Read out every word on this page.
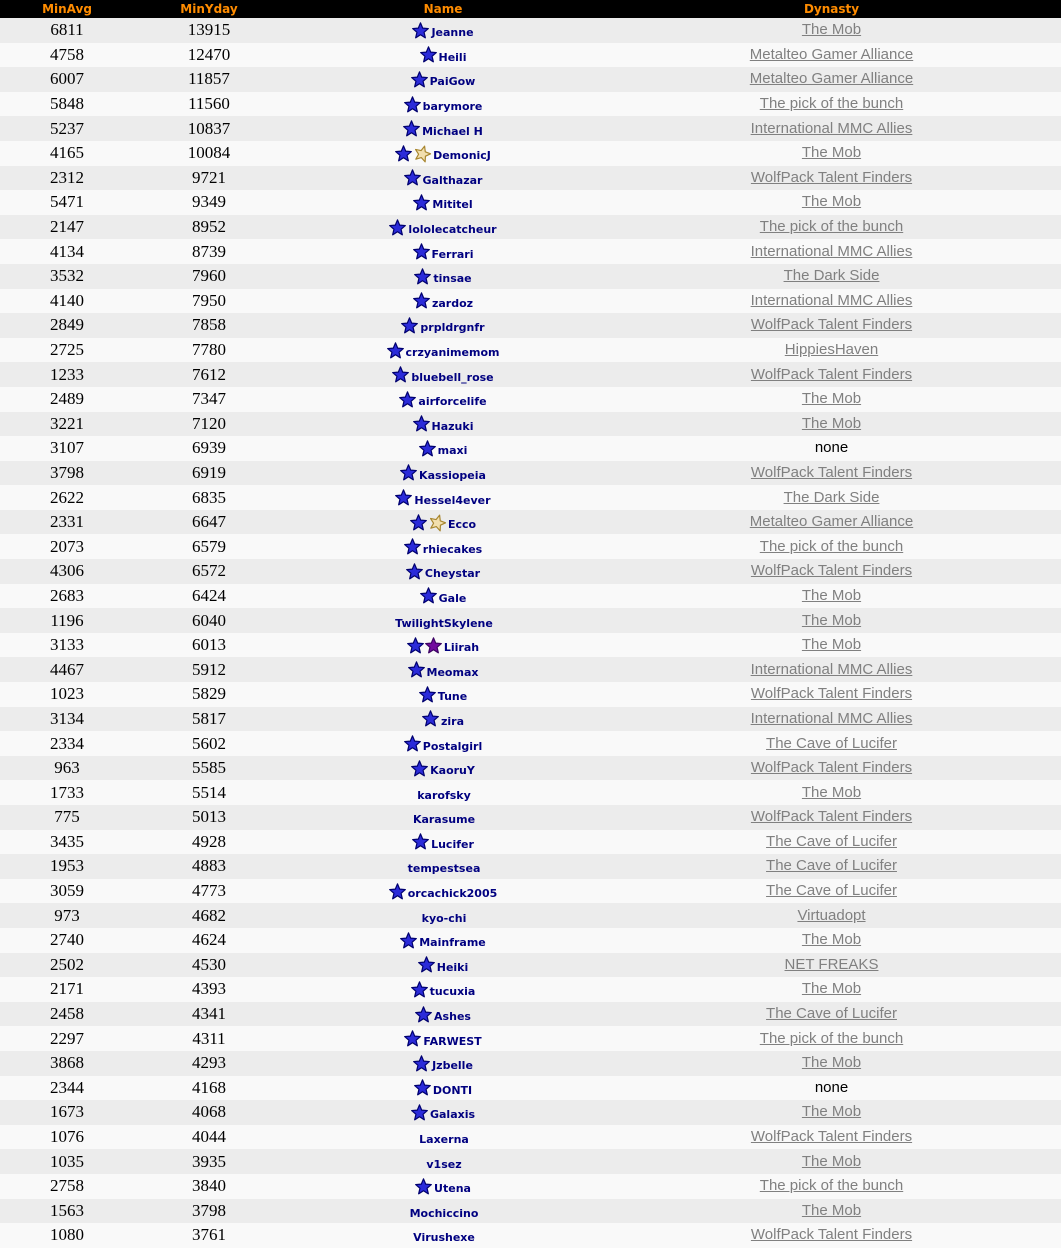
MinAvg	MinYday	Name	Dynasty
6811	13915	Jeanne	The Mob
4758	12470	Heili	Metalteo Gamer Alliance
6007	11857	PaiGow	Metalteo Gamer Alliance
5848	11560	barymore	The pick of the bunch
5237	10837	Michael H	International MMC Allies
4165	10084	DemonicJ	The Mob
2312	9721	Galthazar	WolfPack Talent Finders
5471	9349	Mititel	The Mob
2147	8952	lololecatcheur	The pick of the bunch
4134	8739	Ferrari	International MMC Allies
3532	7960	tinsae	The Dark Side
4140	7950	zardoz	International MMC Allies
2849	7858	prpldrgnfr	WolfPack Talent Finders
2725	7780	crzyanimemom	HippiesHaven
1233	7612	bluebell_rose	WolfPack Talent Finders
2489	7347	airforcelife	The Mob
3221	7120	Hazuki	The Mob
3107	6939	maxi	none
3798	6919	Kassiopeia	WolfPack Talent Finders
2622	6835	Hessel4ever	The Dark Side
2331	6647	Ecco	Metalteo Gamer Alliance
2073	6579	rhiecakes	The pick of the bunch
4306	6572	Cheystar	WolfPack Talent Finders
2683	6424	Gale	The Mob
1196	6040	TwilightSkylene	The Mob
3133	6013	Liirah	The Mob
4467	5912	Meomax	International MMC Allies
1023	5829	Tune	WolfPack Talent Finders
3134	5817	zira	International MMC Allies
2334	5602	Postalgirl	The Cave of Lucifer
963	5585	KaoruY	WolfPack Talent Finders
1733	5514	karofsky	The Mob
775	5013	Karasume	WolfPack Talent Finders
3435	4928	Lucifer	The Cave of Lucifer
1953	4883	tempestsea	The Cave of Lucifer
3059	4773	orcachick2005	The Cave of Lucifer
973	4682	kyo-chi	Virtuadopt
2740	4624	Mainframe	The Mob
2502	4530	Heiki	NET FREAKS
2171	4393	tucuxia	The Mob
2458	4341	Ashes	The Cave of Lucifer
2297	4311	FARWEST	The pick of the bunch
3868	4293	Jzbelle	The Mob
2344	4168	DONTI	none
1673	4068	Galaxis	The Mob
1076	4044	Laxerna	WolfPack Talent Finders
1035	3935	v1sez	The Mob
2758	3840	Utena	The pick of the bunch
1563	3798	Mochiccino	The Mob
1080	3761	Virushexe	WolfPack Talent Finders
